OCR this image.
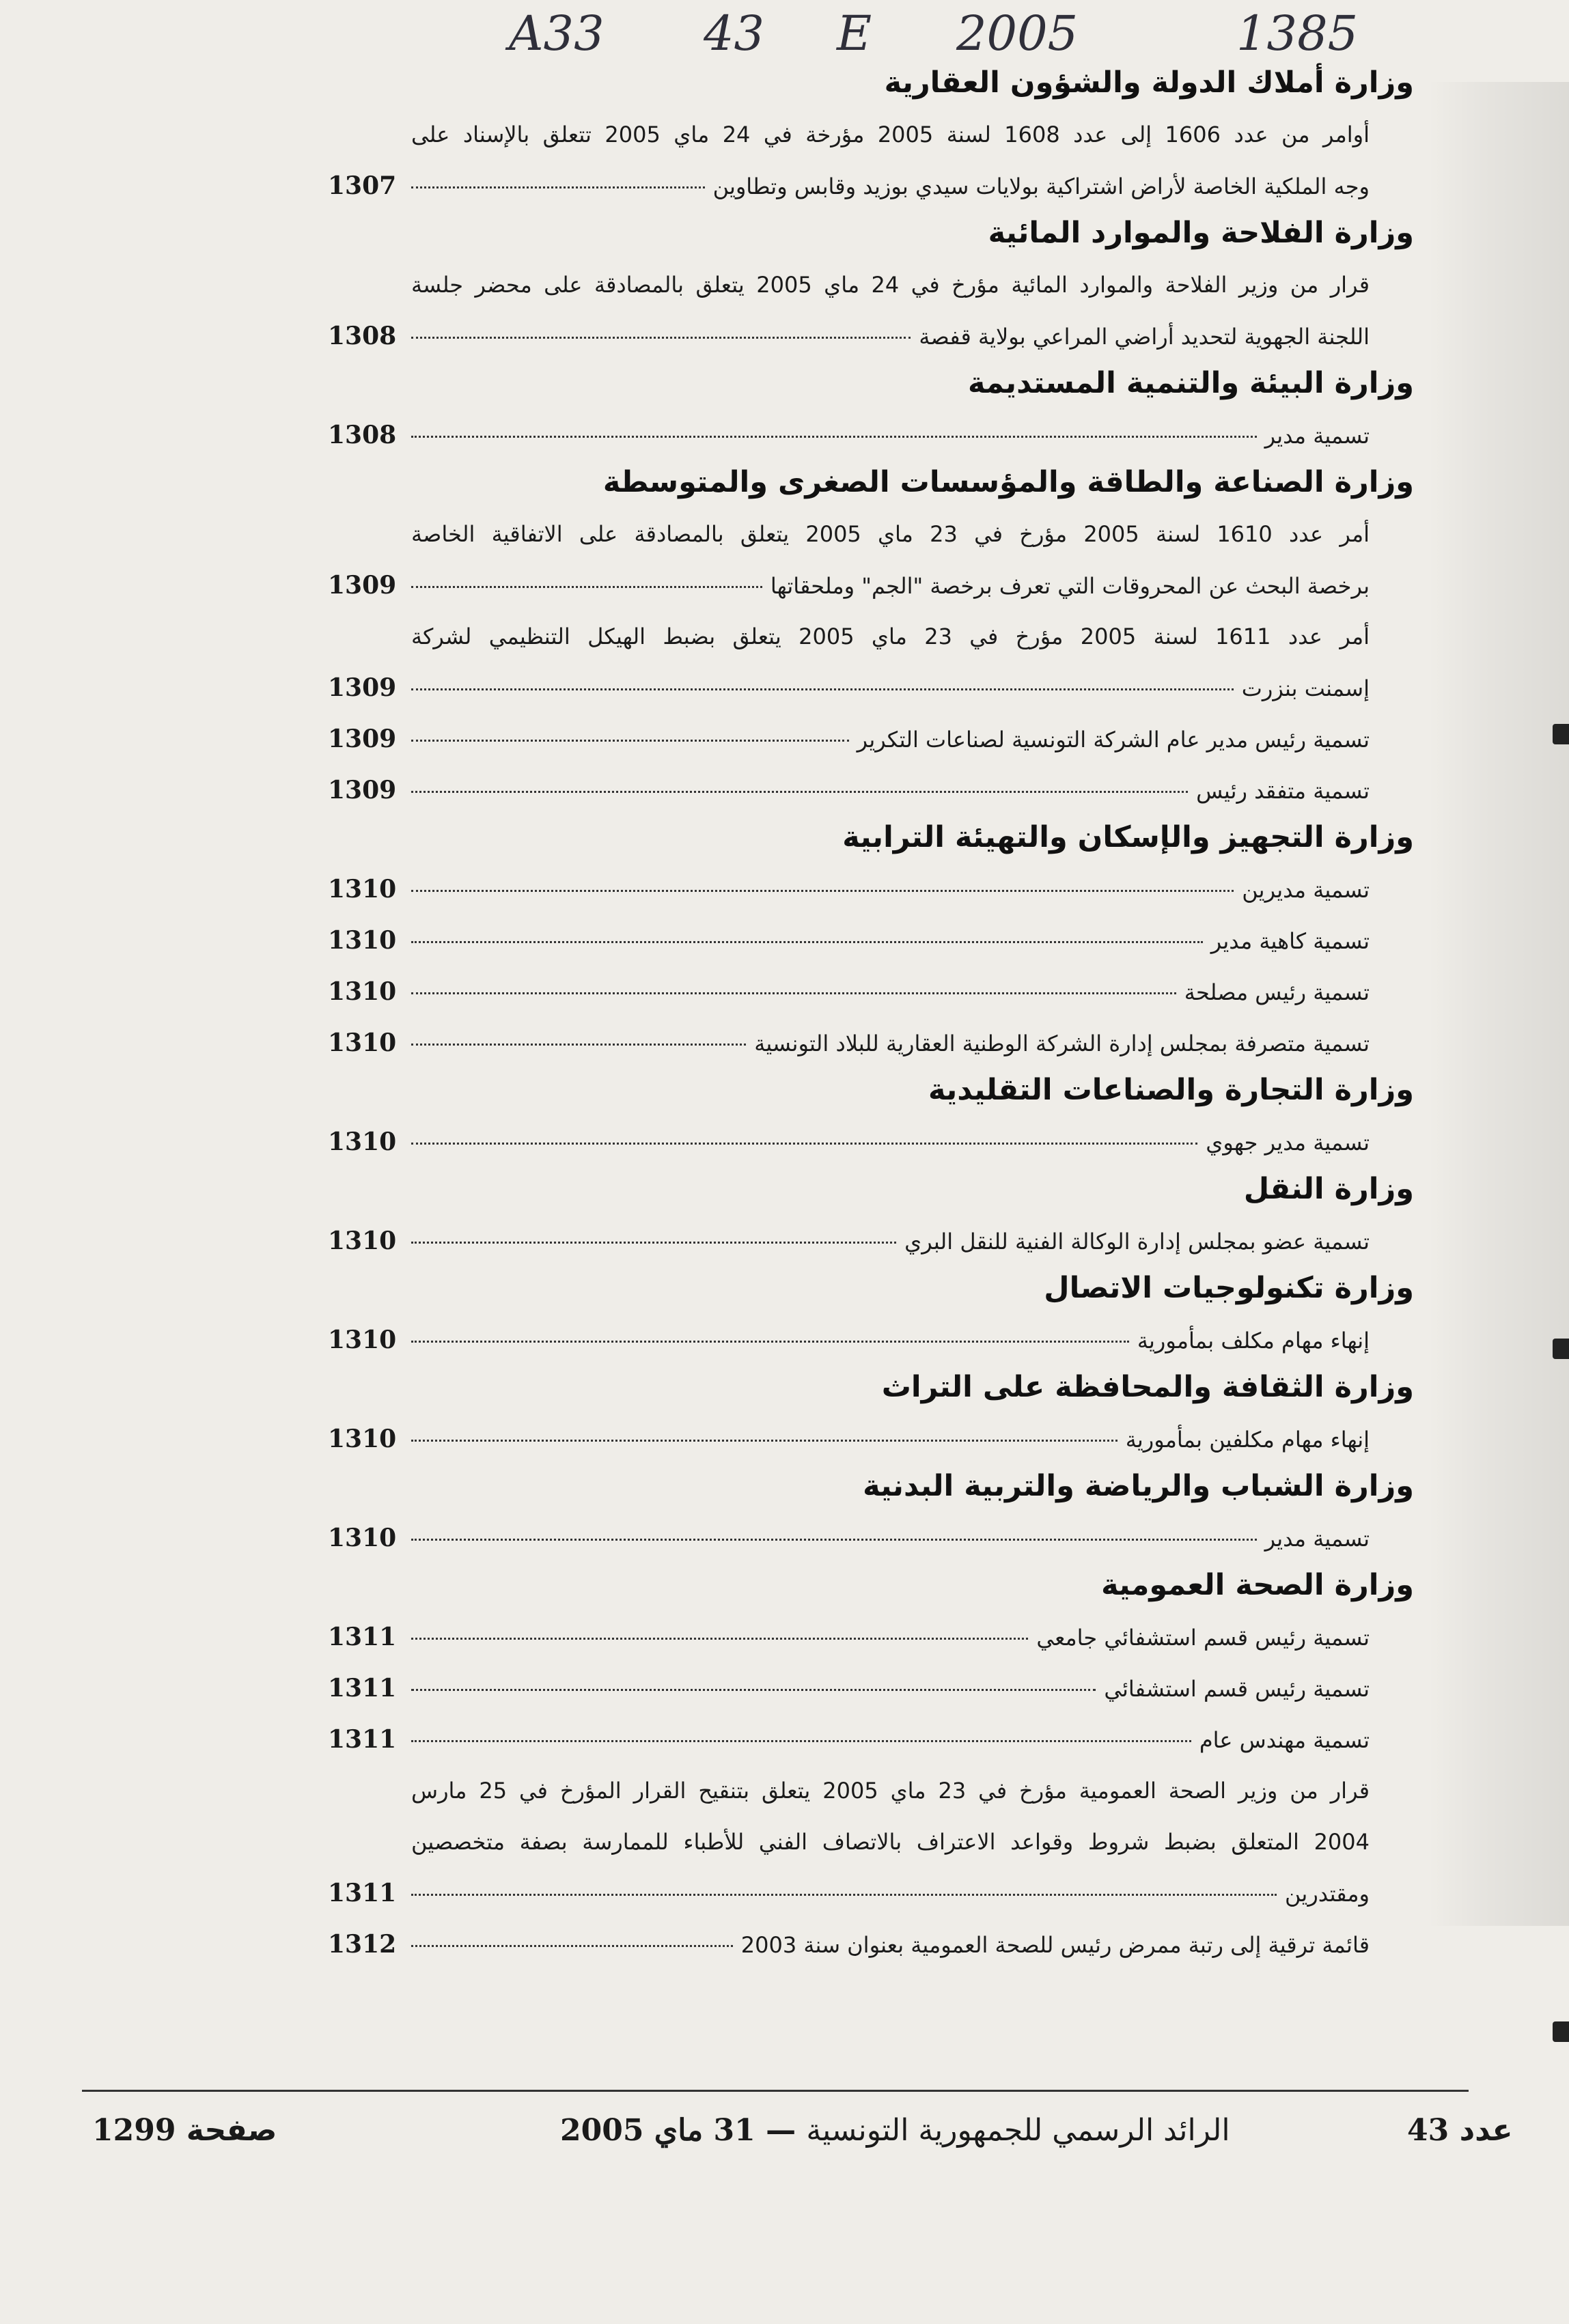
A33 43 E 2005	1385
وزارة أملاك الدولة والشؤون العقارية
أوامر من عدد 1606 إلى عدد 1608 لسنة 2005 مؤرخة في 24 ماي 2005 تتعلق بالإسناد على
وجه الملكية الخاصة لأراض اشتراكية بولايات سيدي بوزيد وقابس وتطاوين
1307
وزارة الفلاحة والموارد المائية
قرار من وزير الفلاحة والموارد المائية مؤرخ في 24 ماي 2005 يتعلق بالمصادقة على محضر جلسة
اللجنة الجهوية لتحديد أراضي المراعي بولاية قفصة
1308
وزارة البيئة والتنمية المستديمة
تسمية مدير
1308
وزارة الصناعة والطاقة والمؤسسات الصغرى والمتوسطة
أمر عدد 1610 لسنة 2005 مؤرخ في 23 ماي 2005 يتعلق بالمصادقة على الاتفاقية الخاصة
برخصة البحث عن المحروقات التي تعرف برخصة "الجم" وملحقاتها
1309
أمر عدد 1611 لسنة 2005 مؤرخ في 23 ماي 2005 يتعلق بضبط الهيكل التنظيمي لشركة
إسمنت بنزرت
1309
تسمية رئيس مدير عام الشركة التونسية لصناعات التكرير
1309
تسمية متفقد رئيس
1309
وزارة التجهيز والإسكان والتهيئة الترابية
تسمية مديرين
1310
تسمية كاهية مدير
1310
تسمية رئيس مصلحة
1310
تسمية متصرفة بمجلس إدارة الشركة الوطنية العقارية للبلاد التونسية
1310
وزارة التجارة والصناعات التقليدية
تسمية مدير جهوي
1310
وزارة النقل
تسمية عضو بمجلس إدارة الوكالة الفنية للنقل البري
1310
وزارة تكنولوجيات الاتصال
إنهاء مهام مكلف بمأمورية
1310
وزارة الثقافة والمحافظة على التراث
إنهاء مهام مكلفين بمأمورية
1310
وزارة الشباب والرياضة والتربية البدنية
تسمية مدير
1310
وزارة الصحة العمومية
تسمية رئيس قسم استشفائي جامعي
1311
تسمية رئيس قسم استشفائي
1311
تسمية مهندس عام
1311
قرار من وزير الصحة العمومية مؤرخ في 23 ماي 2005 يتعلق بتنقيح القرار المؤرخ في 25 مارس
2004 المتعلق بضبط شروط وقواعد الاعتراف بالاتصاف الفني للأطباء للممارسة بصفة متخصصين
ومقتدرين
1311
قائمة ترقية إلى رتبة ممرض رئيس للصحة العمومية بعنوان سنة 2003
1312
عدد 43
الرائد الرسمي للجمهورية التونسية — 31 ماي 2005
صفحة 1299
